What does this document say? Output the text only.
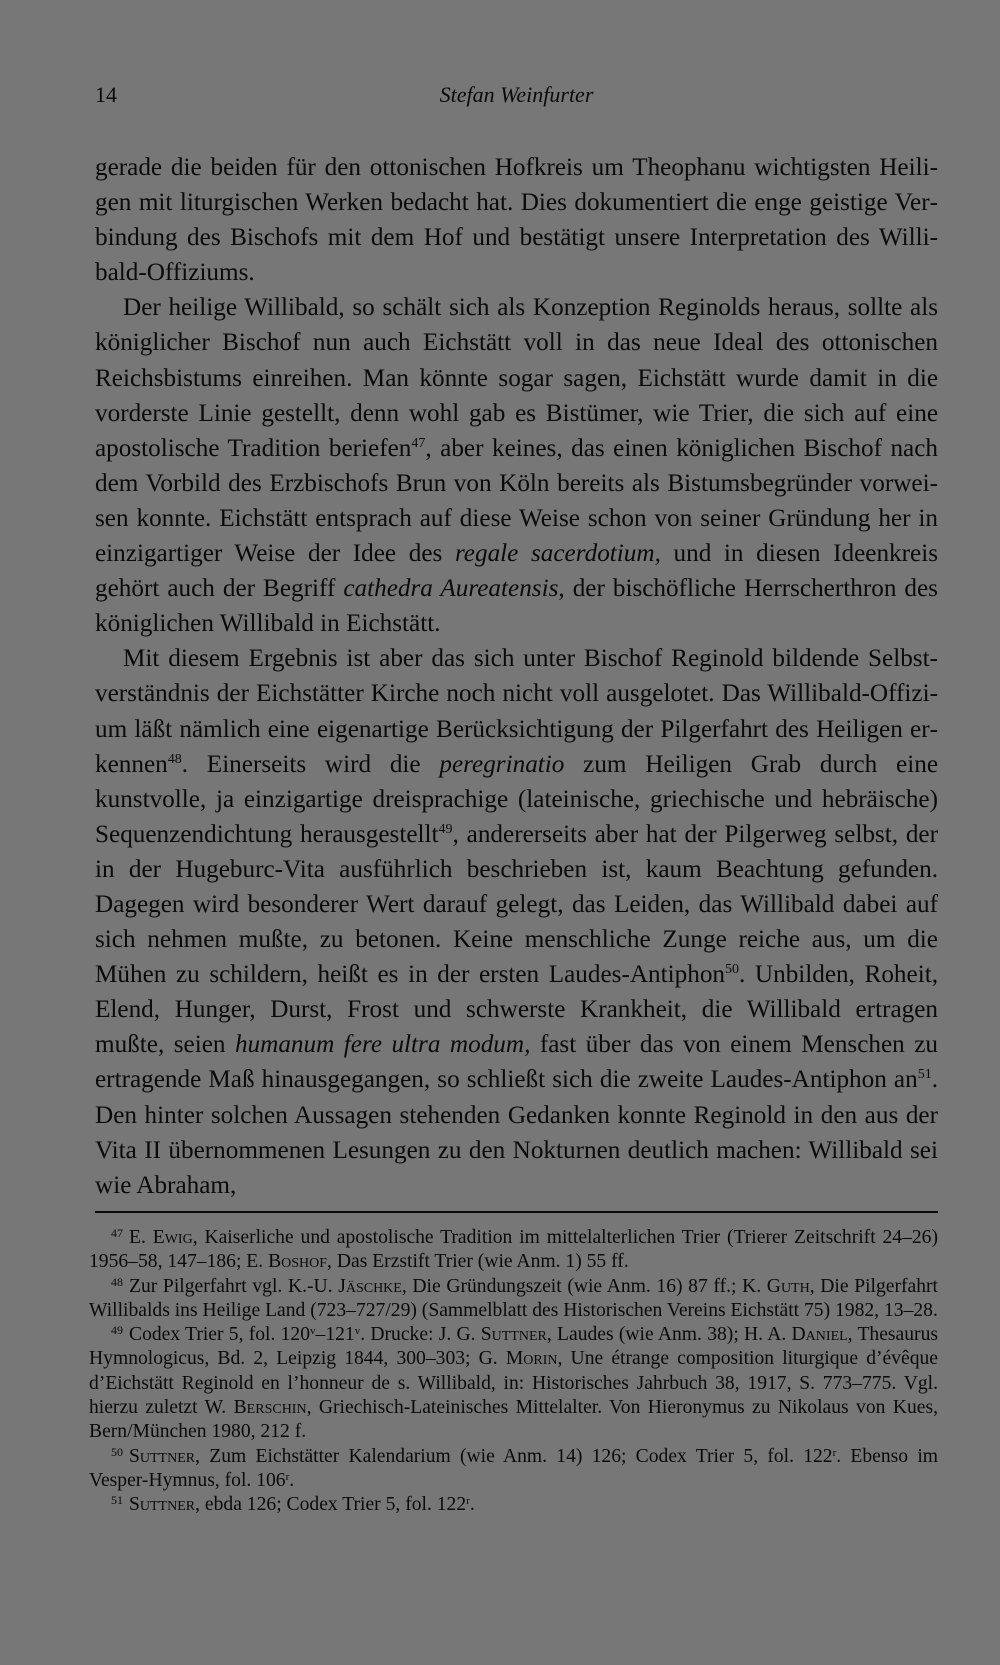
14	Stefan Weinfurter

gerade die beiden für den ottonischen Hofkreis um Theophanu wichtigsten Heiligen mit liturgischen Werken bedacht hat. Dies dokumentiert die enge geistige Verbindung des Bischofs mit dem Hof und bestätigt unsere Interpretation des Willibald-Offiziums.

Der heilige Willibald, so schält sich als Konzeption Reginolds heraus, sollte als königlicher Bischof nun auch Eichstätt voll in das neue Ideal des ottonischen Reichsbistums einreihen. Man könnte sogar sagen, Eichstätt wurde damit in die vorderste Linie gestellt, denn wohl gab es Bistümer, wie Trier, die sich auf eine apostolische Tradition beriefen$^{47}$, aber keines, das einen königlichen Bischof nach dem Vorbild des Erzbischofs Brun von Köln bereits als Bistumsbegründer vorweisen konnte. Eichstätt entsprach auf diese Weise schon von seiner Gründung her in einzigartiger Weise der Idee des regale sacerdotium, und in diesen Ideenkreis gehört auch der Begriff cathedra Aureatensis, der bischöfliche Herrscherthron des königlichen Willibald in Eichstätt.

Mit diesem Ergebnis ist aber das sich unter Bischof Reginold bildende Selbstverständnis der Eichstätter Kirche noch nicht voll ausgelotet. Das Willibald-Offizium läßt nämlich eine eigenartige Berücksichtigung der Pilgerfahrt des Heiligen erkennen$^{48}$. Einerseits wird die peregrinatio zum Heiligen Grab durch eine kunstvolle, ja einzigartige dreisprachige (lateinische, griechische und hebräische) Sequenzendichtung herausgestellt$^{49}$, andererseits aber hat der Pilgerweg selbst, der in der Hugeburc-Vita ausführlich beschrieben ist, kaum Beachtung gefunden. Dagegen wird besonderer Wert darauf gelegt, das Leiden, das Willibald dabei auf sich nehmen mußte, zu betonen. Keine menschliche Zunge reiche aus, um die Mühen zu schildern, heißt es in der ersten Laudes-Antiphon$^{50}$. Unbilden, Roheit, Elend, Hunger, Durst, Frost und schwerste Krankheit, die Willibald ertragen mußte, seien humanum fere ultra modum, fast über das von einem Menschen zu ertragende Maß hinausgegangen, so schließt sich die zweite Laudes-Antiphon $an^{51}$. Den hinter solchen Aussagen stehenden Gedanken konnte Reginold in den aus der Vita II übernommenen Lesungen zu den Nokturnen deutlich machen: Willibald sei wie Abraham,

$^{47}$ E. Ewig, Kaiserliche und apostolische Tradition im mittelalterlichen Trier (Trierer Zeitschrift 24–26) 1956–58, 147–186; E. Boshof, Das Erzstift Trier (wie Anm. 1) 55 ff.

$^{48}$ Zur Pilgerfahrt vgl. K.-U. Jäschke, Die Gründungszeit (wie Anm. 16) 87 ff.; K. Guth, Die Pilgerfahrt Willibalds ins Heilige Land (723–727/29) (Sammelblatt des Historischen Vereins Eichstätt 75) 1982, 13–28.

$^{49}$ Codex Trier 5, fol. 120$^v$–121$^v$. Drucke: J. G. Suttner, Laudes (wie Anm. 38); H. A. Daniel, Thesaurus Hymnologicus, Bd. 2, Leipzig 1844, 300–303; G. Morin, Une étrange composition liturgique d’évêque d’Eichstätt Reginold en l’honneur de s. Willibald, in: Historisches Jahrbuch 38, 1917, S. 773–775. Vgl. hierzu zuletzt W. Berschin, Griechisch-Lateinisches Mittelalter. Von Hieronymus zu Nikolaus von Kues, Bern/München 1980, 212 f.

$^{50}$ Suttner, Zum Eichstätter Kalendarium (wie Anm. 14) 126; Codex Trier 5, fol. 122$^r$. Ebenso im Vesper-Hymnus, fol. 106$^r$.

$^{51}$ Suttner, ebda 126; Codex Trier 5, fol. 122$^r$.
